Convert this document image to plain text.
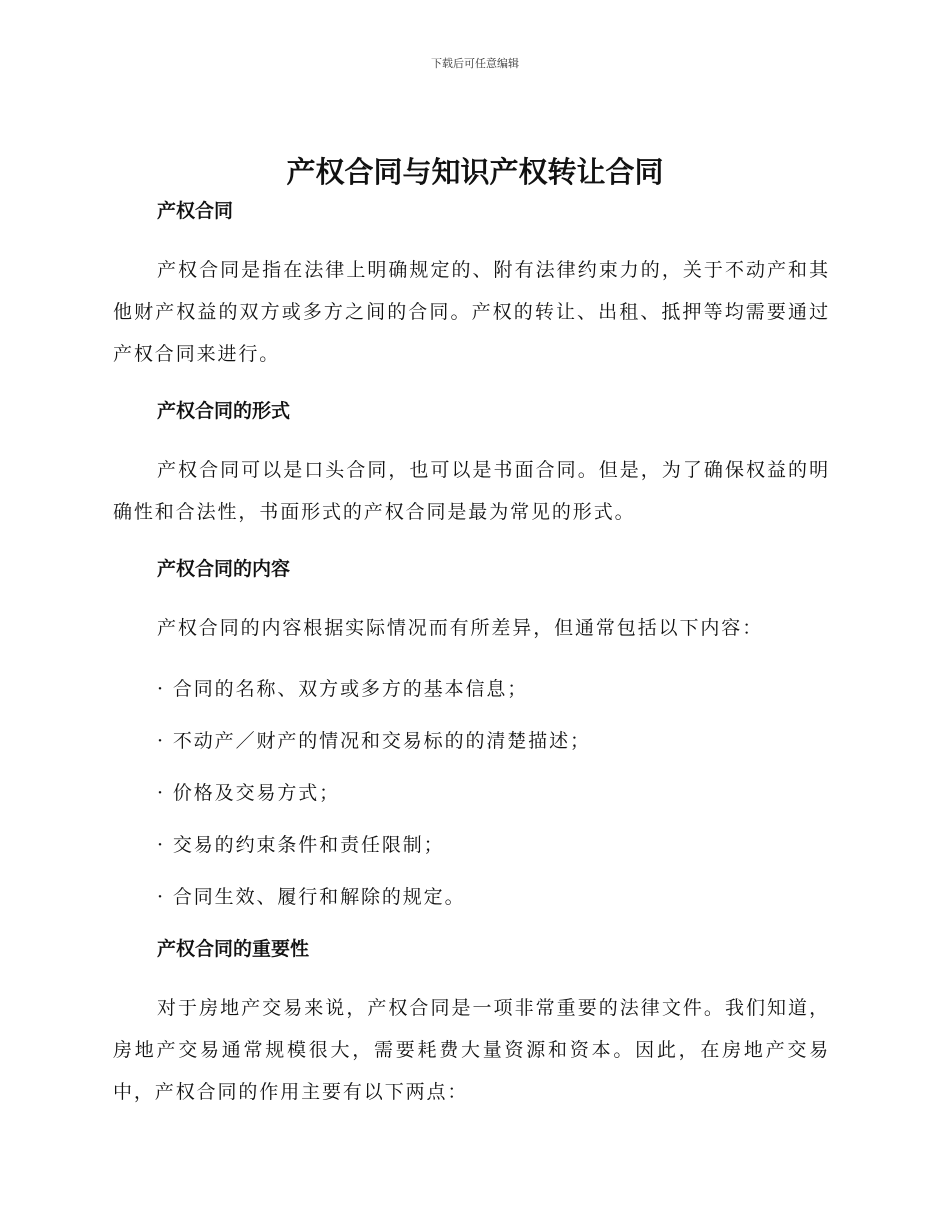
下载后可任意编辑
产权合同与知识产权转让合同
产权合同

产权合同是指在法律上明确规定的、附有法律约束力的，关于不动产和其他财产权益的双方或多方之间的合同。产权的转让、出租、抵押等均需要通过产权合同来进行。

产权合同的形式

产权合同可以是口头合同，也可以是书面合同。但是，为了确保权益的明确性和合法性，书面形式的产权合同是最为常见的形式。

产权合同的内容

产权合同的内容根据实际情况而有所差异，但通常包括以下内容：

· 合同的名称、双方或多方的基本信息；
· 不动产／财产的情况和交易标的的清楚描述；
· 价格及交易方式；
· 交易的约束条件和责任限制；
· 合同生效、履行和解除的规定。
产权合同的重要性

对于房地产交易来说，产权合同是一项非常重要的法律文件。我们知道，房地产交易通常规模很大，需要耗费大量资源和资本。因此，在房地产交易中，产权合同的作用主要有以下两点：
